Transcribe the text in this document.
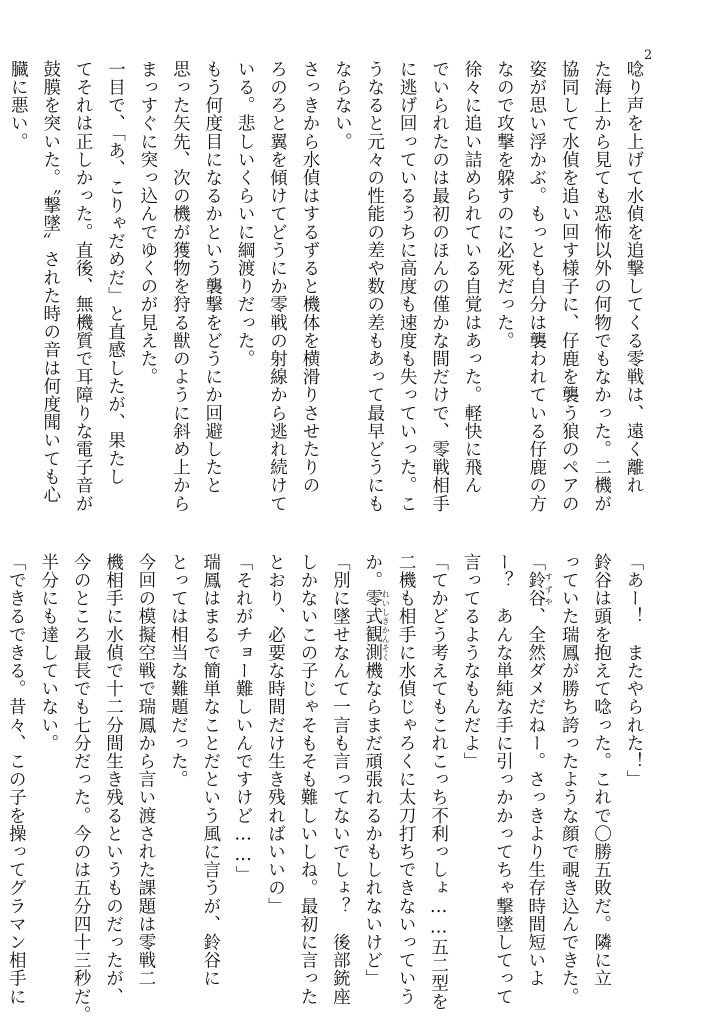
2
唸り声を上げて水偵を追撃してくる零戦は、遠く離れ
た海上から見ても恐怖以外の何物でもなかった。二機が
協同して水偵を追い回す様子に、仔鹿を襲う狼のペアの
姿が思い浮かぶ。もっとも自分は襲われている仔鹿の方
なので攻撃を躱すのに必死だった。
徐々に追い詰められている自覚はあった。軽快に飛ん
でいられたのは最初のほんの僅かな間だけで、零戦相手
に逃げ回っているうちに高度も速度も失っていった。こ
うなると元々の性能の差や数の差もあって最早どうにも
ならない。
さっきから水偵はするずると機体を横滑りさせたりの
ろのろと翼を傾けてどうにか零戦の射線から逃れ続けて
いる。悲しいくらいに綱渡りだった。
もう何度目になるかという襲撃をどうにか回避したと
思った矢先、次の機が獲物を狩る獣のように斜め上から
まっすぐに突っ込んでゆくのが見えた。
一目で、「あ、こりゃだめだ」と直感したが、果たし
てそれは正しかった。直後、無機質で耳障りな電子音が
鼓膜を突いた。〝撃墜〟された時の音は何度聞いても心
臓に悪い。
「あー！　またやられた！」
鈴谷は頭を抱えて唸った。これで〇勝五敗だ。隣に立
っていた瑞鳳が勝ち誇ったような顔で覗き込んできた。
「鈴谷すずや、全然ダメだねー。さっきより生存時間短いよ
ー？　あんな単純な手に引っかかってちゃ撃墜してって
言ってるようなもんだよ」
「てかどう考えてもこれこっち不利っしょ……五二型を
二機も相手に水偵じゃろくに太刀打ちできないっていう
か。零式れいしき観測かんそく機ならまだ頑張れるかもしれないけど」
「別に墜せなんて一言も言ってないでしょ？　後部銃座
しかないこの子じゃそもそも難しいしね。最初に言った
とおり、必要な時間だけ生き残ればいいの」
「それがチョー難しいんですけど……」
瑞鳳はまるで簡単なことだという風に言うが、鈴谷に
とっては相当な難題だった。
今回の模擬空戦で瑞鳳から言い渡された課題は零戦二
機相手に水偵で十二分間生き残るというものだったが、
今のところ最長でも七分だった。今のは五分四十三秒だ。
半分にも達していない。
「できるできる。昔々、この子を操ってグラマン相手に
